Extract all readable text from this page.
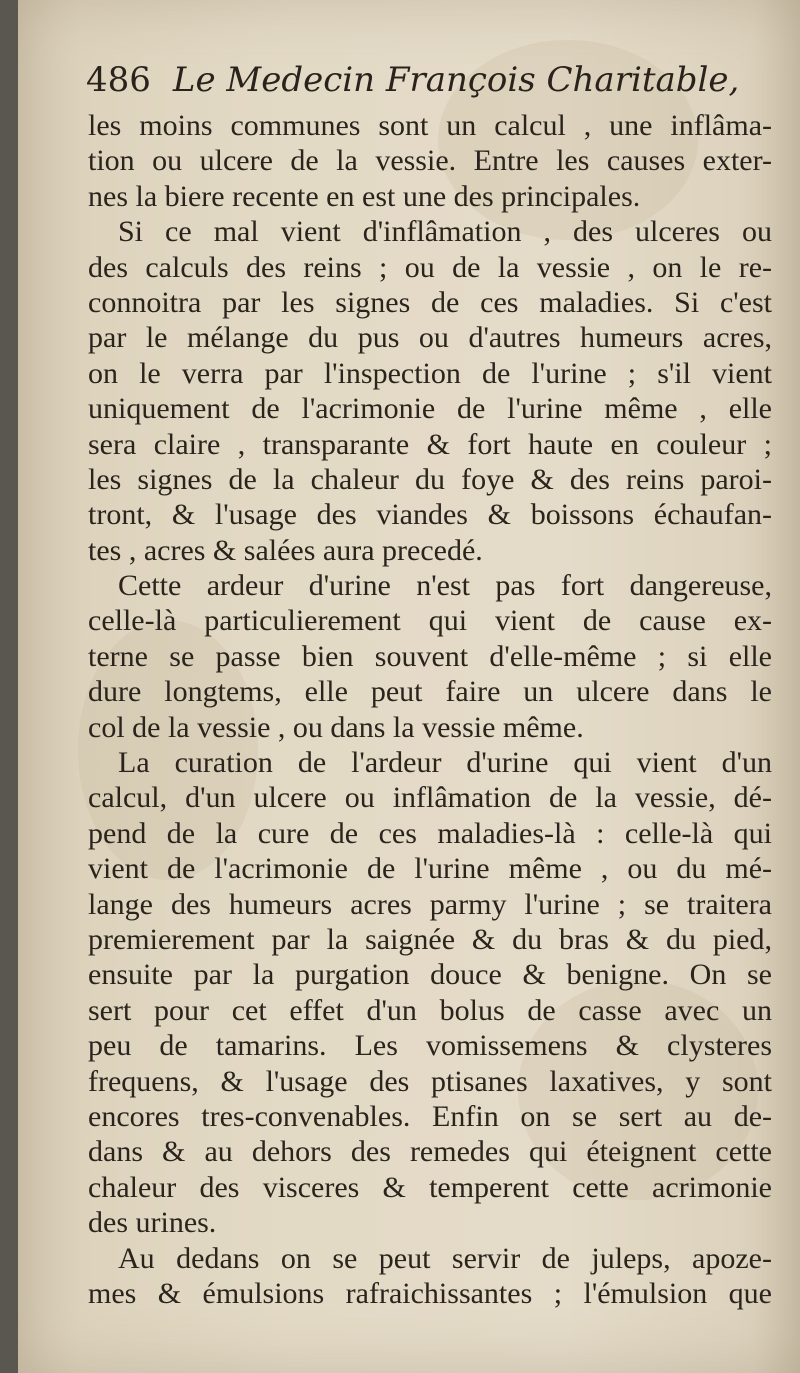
486 Le Medecin François Charitable,
les moins communes sont un calcul , une inflâma-
tion ou ulcere de la vessie. Entre les causes exter-
nes la biere recente en est une des principales.
Si ce mal vient d'inflâmation , des ulceres ou
des calculs des reins ; ou de la vessie , on le re-
connoitra par les signes de ces maladies. Si c'est
par le mélange du pus ou d'autres humeurs acres,
on le verra par l'inspection de l'urine ; s'il vient
uniquement de l'acrimonie de l'urine même , elle
sera claire , transparante & fort haute en couleur ;
les signes de la chaleur du foye & des reins paroi-
tront, & l'usage des viandes & boissons échaufan-
tes , acres & salées aura precedé.
Cette ardeur d'urine n'est pas fort dangereuse,
celle-là particulierement qui vient de cause ex-
terne se passe bien souvent d'elle-même ; si elle
dure longtems, elle peut faire un ulcere dans le
col de la vessie , ou dans la vessie même.
La curation de l'ardeur d'urine qui vient d'un
calcul, d'un ulcere ou inflâmation de la vessie, dé-
pend de la cure de ces maladies-là : celle-là qui
vient de l'acrimonie de l'urine même , ou du mé-
lange des humeurs acres parmy l'urine ; se traitera
premierement par la saignée & du bras & du pied,
ensuite par la purgation douce & benigne. On se
sert pour cet effet d'un bolus de casse avec un
peu de tamarins. Les vomissemens & clysteres
frequens, & l'usage des ptisanes laxatives, y sont
encores tres-convenables. Enfin on se sert au de-
dans & au dehors des remedes qui éteignent cette
chaleur des visceres & temperent cette acrimonie
des urines.
Au dedans on se peut servir de juleps, apoze-
mes & émulsions rafraichissantes ; l'émulsion que
